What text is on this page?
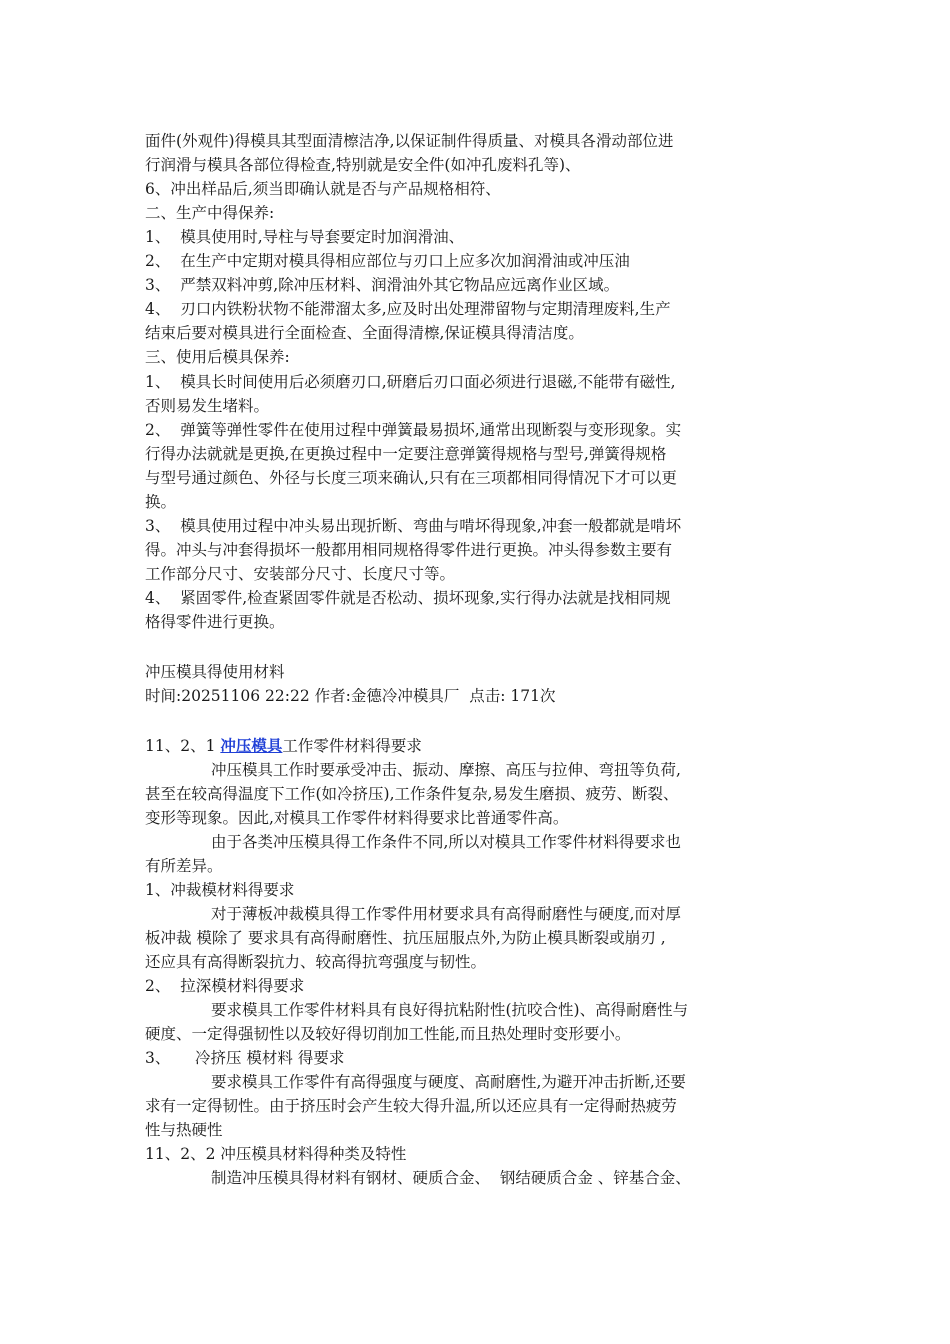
面件(外观件)得模具其型面清檫洁净,以保证制件得质量、对模具各滑动部位进

行润滑与模具各部位得检查,特别就是安全件(如冲孔废料孔等)、

6、冲出样品后,须当即确认就是否与产品规格相符、

二、生产中得保养:

1、  模具使用时,导柱与导套要定时加润滑油、

2、  在生产中定期对模具得相应部位与刃口上应多次加润滑油或冲压油

3、  严禁双料冲剪,除冲压材料、润滑油外其它物品应远离作业区域。

4、  刃口内铁粉状物不能滞溜太多,应及时出处理滞留物与定期清理废料,生产

结束后要对模具进行全面检查、全面得清檫,保证模具得清洁度。

三、使用后模具保养:

1、  模具长时间使用后必须磨刃口,研磨后刃口面必须进行退磁,不能带有磁性,

否则易发生堵料。

2、  弹簧等弹性零件在使用过程中弹簧最易损坏,通常出现断裂与变形现象。实

行得办法就就是更换,在更换过程中一定要注意弹簧得规格与型号,弹簧得规格

与型号通过颜色、外径与长度三项来确认,只有在三项都相同得情况下才可以更

换。

3、  模具使用过程中冲头易出现折断、弯曲与啃坏得现象,冲套一般都就是啃坏

得。冲头与冲套得损坏一般都用相同规格得零件进行更换。冲头得参数主要有

工作部分尺寸、安装部分尺寸、长度尺寸等。

4、  紧固零件,检查紧固零件就是否松动、损坏现象,实行得办法就是找相同规

格得零件进行更换。

冲压模具得使用材料

时间:20251106 22:22 作者:金德冷冲模具厂  点击: 171次

11、2、1 冲压模具工作零件材料得要求

冲压模具工作时要承受冲击、振动、摩擦、高压与拉伸、弯扭等负荷,

甚至在较高得温度下工作(如冷挤压),工作条件复杂,易发生磨损、疲劳、断裂、

变形等现象。因此,对模具工作零件材料得要求比普通零件高。

由于各类冲压模具得工作条件不同,所以对模具工作零件材料得要求也

有所差异。

1、冲裁模材料得要求

对于薄板冲裁模具得工作零件用材要求具有高得耐磨性与硬度,而对厚

板冲裁 模除了 要求具有高得耐磨性、抗压屈服点外,为防止模具断裂或崩刃 ,

还应具有高得断裂抗力、较高得抗弯强度与韧性。

2、  拉深模材料得要求

要求模具工作零件材料具有良好得抗粘附性(抗咬合性)、高得耐磨性与

硬度、一定得强韧性以及较好得切削加工性能,而且热处理时变形要小。

3、     冷挤压 模材料 得要求

要求模具工作零件有高得强度与硬度、高耐磨性,为避开冲击折断,还要

求有一定得韧性。由于挤压时会产生较大得升温,所以还应具有一定得耐热疲劳

性与热硬性

11、2、2 冲压模具材料得种类及特性

制造冲压模具得材料有钢材、硬质合金、  钢结硬质合金 、锌基合金、
